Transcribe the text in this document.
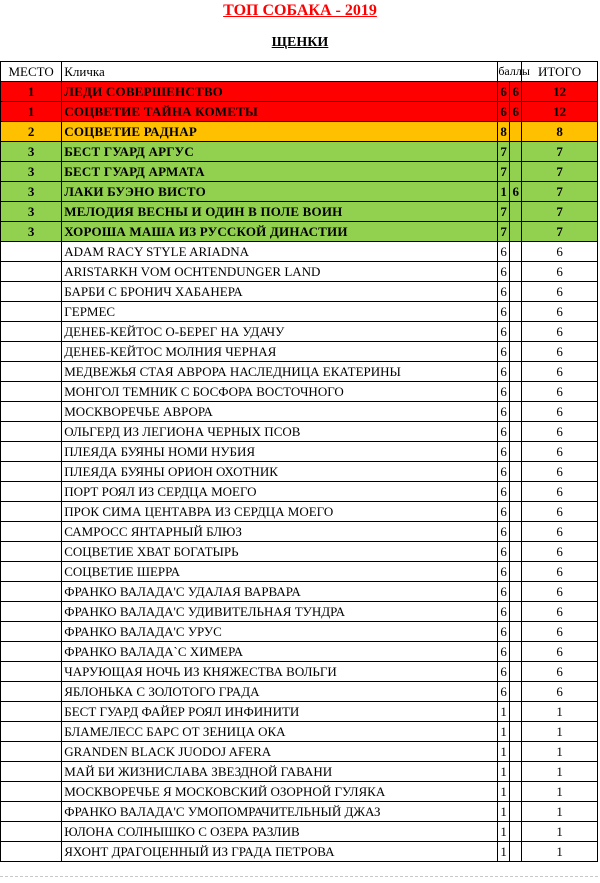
ТОП СОБАКА - 2019
ЩЕНКИ
МЕСТО	Кличка	баллы		ИТОГО
1	ЛЕДИ СОВЕРШЕНСТВО	6	6	12
1	СОЦВЕТИЕ ТАЙНА КОМЕТЫ	6	6	12
2	СОЦВЕТИЕ РАДНАР	8		8
3	БЕСТ ГУАРД АРГУС	7		7
3	БЕСТ ГУАРД АРМАТА	7		7
3	ЛАКИ БУЭНО ВИСТО	1	6	7
3	МЕЛОДИЯ ВЕСНЫ И ОДИН В ПОЛЕ ВОИН	7		7
3	ХОРОША МАША ИЗ РУССКОЙ ДИНАСТИИ	7		7
	ADAM RACY STYLE ARIADNA	6		6
	ARISTARKH VOM OCHTENDUNGER LAND	6		6
	БАРБИ С БРОНИЧ ХАБАНЕРА	6		6
	ГЕРМЕС	6		6
	ДЕНЕБ-КЕЙТОС О-БЕРЕГ НА УДАЧУ	6		6
	ДЕНЕБ-КЕЙТОС МОЛНИЯ ЧЕРНАЯ	6		6
	МЕДВЕЖЬЯ СТАЯ АВРОРА НАСЛЕДНИЦА ЕКАТЕРИНЫ	6		6
	МОНГОЛ ТЕМНИК С БОСФОРА ВОСТОЧНОГО	6		6
	МОСКВОРЕЧЬЕ АВРОРА	6		6
	ОЛЬГЕРД ИЗ ЛЕГИОНА ЧЕРНЫХ ПСОВ	6		6
	ПЛЕЯДА БУЯНЫ НОМИ НУБИЯ	6		6
	ПЛЕЯДА БУЯНЫ ОРИОН ОХОТНИК	6		6
	ПОРТ РОЯЛ ИЗ СЕРДЦА МОЕГО	6		6
	ПРОК СИМА ЦЕНТАВРА ИЗ СЕРДЦА МОЕГО	6		6
	САМРОСС ЯНТАРНЫЙ БЛЮЗ	6		6
	СОЦВЕТИЕ ХВАТ БОГАТЫРЬ	6		6
	СОЦВЕТИЕ ШЕРРА	6		6
	ФРАНКО ВАЛАДА'С УДАЛАЯ ВАРВАРА	6		6
	ФРАНКО ВАЛАДА'С УДИВИТЕЛЬНАЯ ТУНДРА	6		6
	ФРАНКО ВАЛАДА'С УРУС	6		6
	ФРАНКО ВАЛАДА`С ХИМЕРА	6		6
	ЧАРУЮЩАЯ НОЧЬ ИЗ КНЯЖЕСТВА ВОЛЬГИ	6		6
	ЯБЛОНЬКА С ЗОЛОТОГО ГРАДА	6		6
	БЕСТ ГУАРД ФАЙЕР РОЯЛ ИНФИНИТИ	1		1
	БЛАМЕЛЕСС БАРС ОТ ЗЕНИЦА ОКА	1		1
	GRANDEN BLACK JUODOJ AFERA	1		1
	МАЙ БИ ЖИЗНИСЛАВА ЗВЕЗДНОЙ ГАВАНИ	1		1
	МОСКВОРЕЧЬЕ Я МОСКОВСКИЙ ОЗОРНОЙ ГУЛЯКА	1		1
	ФРАНКО ВАЛАДА'С УМОПОМРАЧИТЕЛЬНЫЙ ДЖАЗ	1		1
	ЮЛОНА СОЛНЫШКО С ОЗЕРА РАЗЛИВ	1		1
	ЯХОНТ ДРАГОЦЕННЫЙ ИЗ ГРАДА ПЕТРОВА	1		1
